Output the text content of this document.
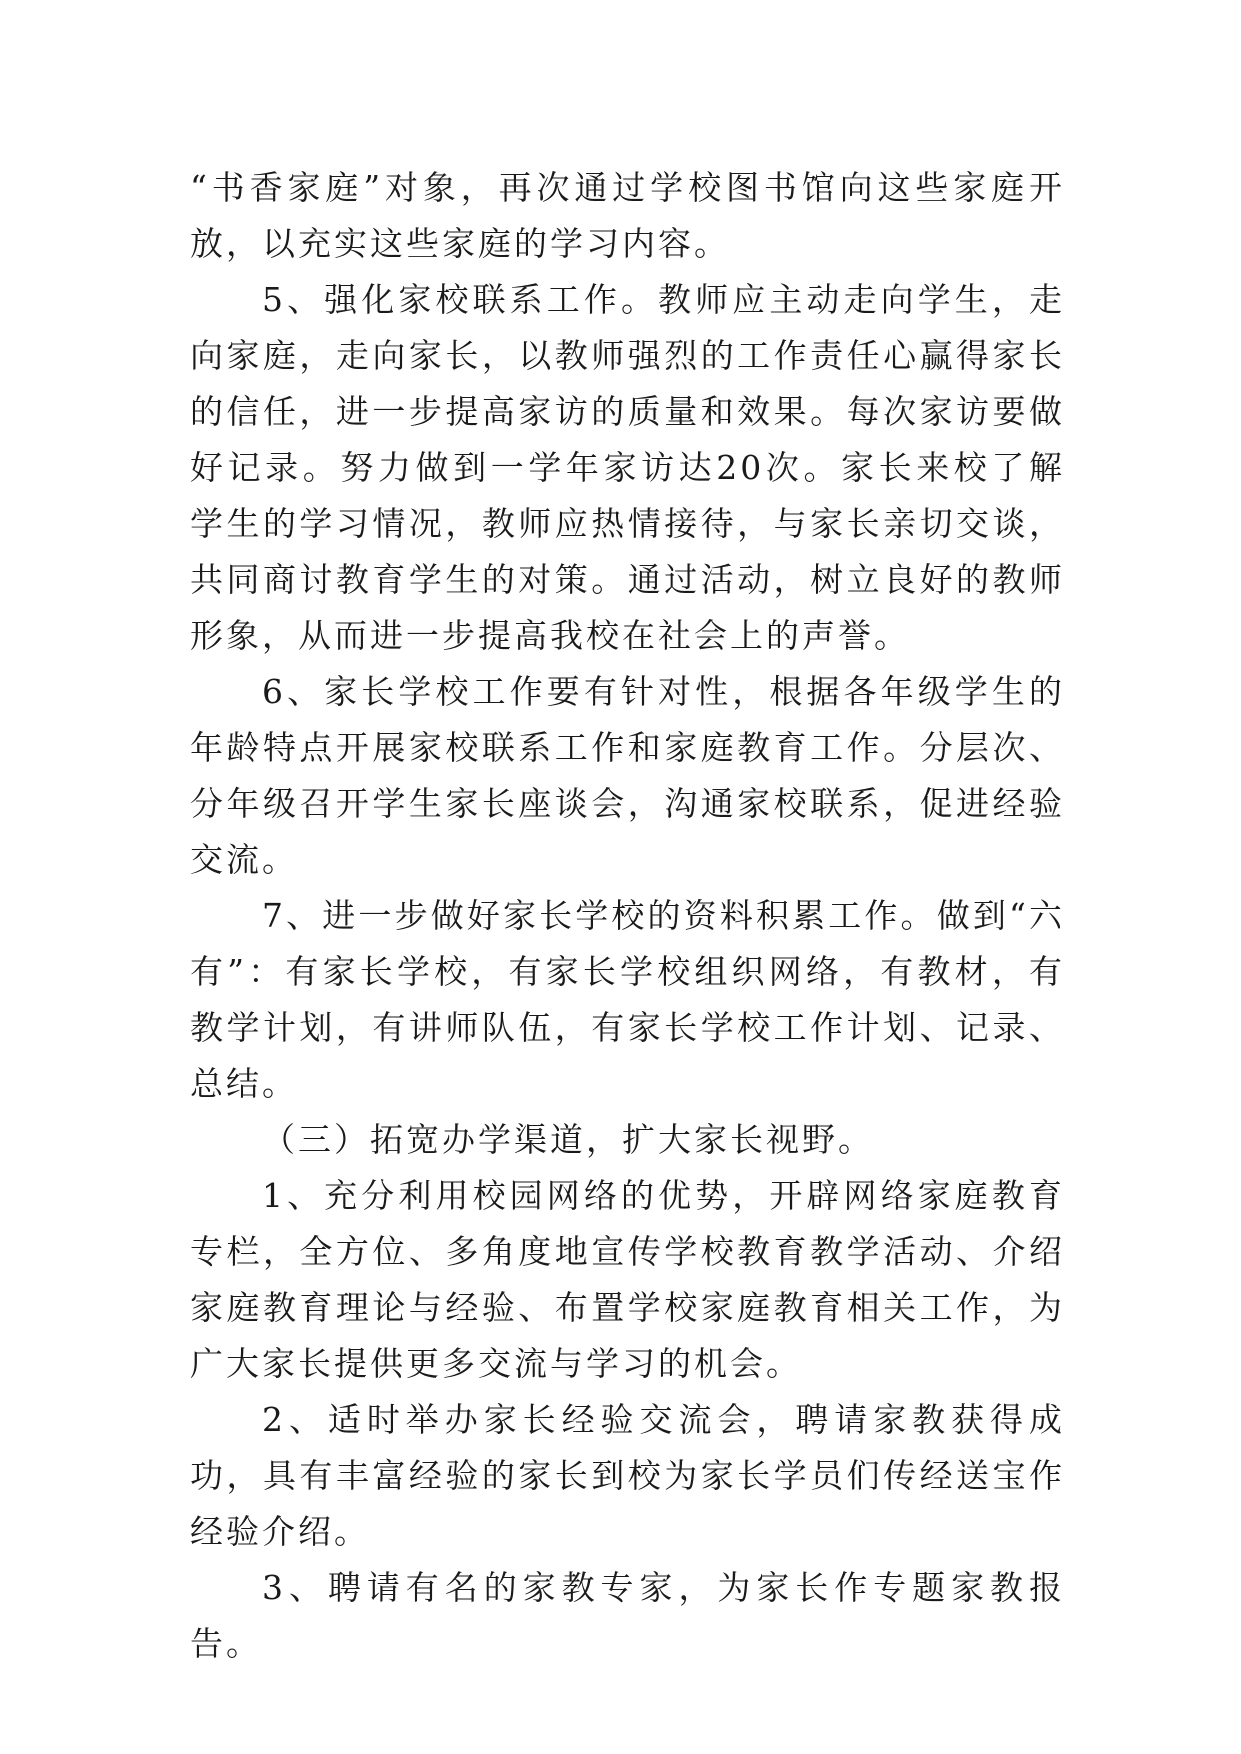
“书香家庭”对象，再次通过学校图书馆向这些家庭开放，以充实这些家庭的学习内容。

5、强化家校联系工作。教师应主动走向学生，走向家庭，走向家长，以教师强烈的工作责任心赢得家长的信任，进一步提高家访的质量和效果。每次家访要做好记录。努力做到一学年家访达20次。家长来校了解学生的学习情况，教师应热情接待，与家长亲切交谈，共同商讨教育学生的对策。通过活动，树立良好的教师形象，从而进一步提高我校在社会上的声誉。

6、家长学校工作要有针对性，根据各年级学生的年龄特点开展家校联系工作和家庭教育工作。分层次、分年级召开学生家长座谈会，沟通家校联系，促进经验交流。

7、进一步做好家长学校的资料积累工作。做到“六有”：有家长学校，有家长学校组织网络，有教材，有教学计划，有讲师队伍，有家长学校工作计划、记录、总结。

（三）拓宽办学渠道，扩大家长视野。

1、充分利用校园网络的优势，开辟网络家庭教育专栏，全方位、多角度地宣传学校教育教学活动、介绍家庭教育理论与经验、布置学校家庭教育相关工作，为广大家长提供更多交流与学习的机会。

2、适时举办家长经验交流会，聘请家教获得成功，具有丰富经验的家长到校为家长学员们传经送宝作经验介绍。

3、聘请有名的家教专家，为家长作专题家教报告。
